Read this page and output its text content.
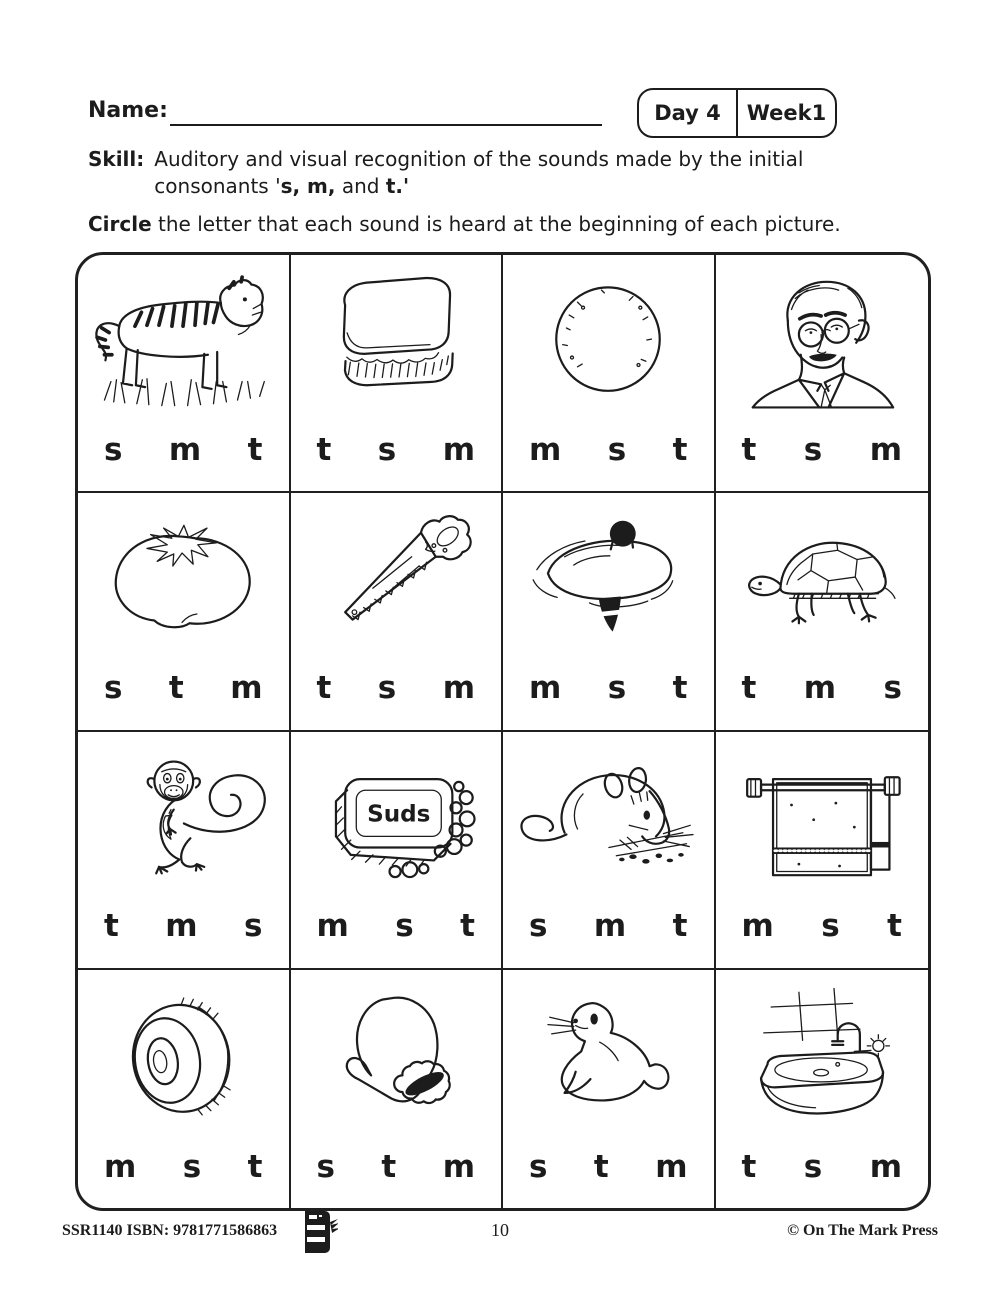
Name:	Day 4	Week1
Skill: Auditory and visual recognition of the sounds made by the initial
consonants 's, m, and t.'
Circle the letter that each sound is heard at the beginning of each picture.
s m t t s m m s t t s m
s t m t s m m s t t m s
t m s
Suds
m s t s m t m s t
m s t s t m s t m t s m
SSR1140 ISBN: 9781771586863	10	© On The Mark Press
